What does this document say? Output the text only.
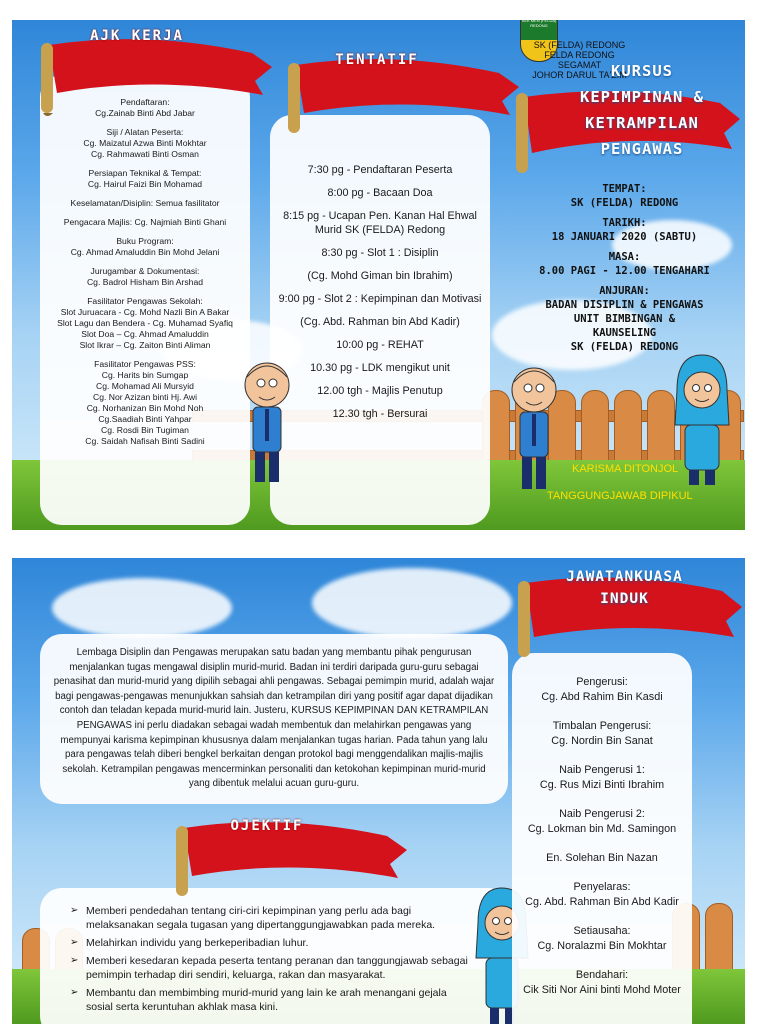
Pendaftaran:
Cg.Zainab Binti Abd Jabar
Siji / Alatan Peserta:
Cg. Maizatul Azwa Binti Mokhtar
Cg. Rahmawati Binti Osman
Persiapan Teknikal & Tempat:
Cg. Hairul Faizi Bin Mohamad
Keselamatan/Disiplin: Semua fasilitator
Pengacara Majlis: Cg. Najmiah Binti Ghani
Buku Program:
Cg. Ahmad Amaluddin Bin Mohd Jelani
Jurugambar & Dokumentasi:
Cg. Badrol Hisham Bin Arshad
Fasilitator Pengawas Sekolah:
Slot Juruacara - Cg. Mohd Nazli Bin A Bakar
Slot Lagu dan Bendera - Cg. Muhamad Syafiq
Slot Doa – Cg. Ahmad Amaluddin
Slot Ikrar – Cg. Zaiton Binti Aliman
Fasilitator Pengawas PSS:
Cg. Harits bin Sumgap
Cg. Mohamad Ali Mursyid
Cg. Nor Azizan binti Hj. Awi
Cg. Norhanizan Bin Mohd Noh
Cg.Saadiah Binti Yahpar
Cg. Rosdi Bin Tugiman
Cg. Saidah Nafisah Binti Sadini
AJK KERJA
7:30 pg - Pendaftaran Peserta
8:00 pg - Bacaan Doa
8:15 pg - Ucapan Pen. Kanan Hal Ehwal Murid SK (FELDA) Redong
8:30 pg - Slot 1 : Disiplin
(Cg. Mohd Giman bin Ibrahim)
9:00 pg - Slot 2 : Kepimpinan dan Motivasi
(Cg. Abd. Rahman bin Abd Kadir)
10:00 pg - REHAT
10.30 pg - LDK mengikut unit
12.00 tgh - Majlis Penutup
12.30 tgh - Bersurai
TENTATIF
SEK MEN (FELDA) REDONG
SK (FELDA) REDONG
FELDA REDONG
SEGAMAT
JOHOR DARUL TA'ZIM
KURSUS
KEPIMPINAN &
KETRAMPILAN
PENGAWAS
TEMPAT:
SK (FELDA) REDONG
TARIKH:
18 JANUARI 2020 (SABTU)
MASA:
8.00 PAGI - 12.00 TENGAHARI
ANJURAN:
BADAN DISIPLIN & PENGAWAS
UNIT BIMBINGAN &
KAUNSELING
SK (FELDA) REDONG
KARISMA DITONJOL
TANGGUNGJAWAB DIPIKUL
Lembaga Disiplin dan Pengawas merupakan satu badan yang membantu pihak pengurusan menjalankan tugas mengawal disiplin murid-murid. Badan ini terdiri daripada guru-guru sebagai penasihat dan murid-murid yang dipilih sebagai ahli pengawas. Sebagai pemimpin murid, adalah wajar bagi pengawas-pengawas menunjukkan sahsiah dan ketrampilan diri yang positif agar dapat dijadikan contoh dan teladan kepada murid-murid lain. Justeru, KURSUS KEPIMPINAN DAN KETRAMPILAN PENGAWAS ini perlu diadakan sebagai wadah membentuk dan melahirkan pengawas yang mempunyai karisma kepimpinan khususnya dalam menjalankan tugas harian. Pada tahun yang lalu para pengawas telah diberi bengkel berkaitan dengan protokol bagi menggendalikan majlis-majlis sekolah. Ketrampilan pengawas mencerminkan personaliti dan ketokohan kepimpinan murid-murid yang dibentuk melalui acuan guru-guru.
➢ Memberi pendedahan tentang ciri-ciri kepimpinan yang perlu ada bagi melaksanakan segala tugasan yang dipertanggungjawabkan pada mereka.
➢ Melahirkan individu yang berkeperibadian luhur.
➢ Memberi kesedaran kepada peserta tentang peranan dan tanggungjawab sebagai pemimpin terhadap diri sendiri, keluarga, rakan dan masyarakat.
➢ Membantu dan membimbing murid-murid yang lain ke arah menangani gejala sosial serta keruntuhan akhlak masa kini.
OJEKTIF
Pengerusi:
Cg. Abd Rahim Bin Kasdi
Timbalan Pengerusi:
Cg. Nordin Bin Sanat
Naib Pengerusi 1:
Cg. Rus Mizi Binti Ibrahim
Naib Pengerusi 2:
Cg. Lokman bin Md. Samingon
En. Solehan Bin Nazan
Penyelaras:
Cg. Abd. Rahman Bin Abd Kadir
Setiausaha:
Cg. Noralazmi Bin Mokhtar
Bendahari:
Cik Siti Nor Aini binti Mohd Moter
JAWATANKUASA
INDUK
